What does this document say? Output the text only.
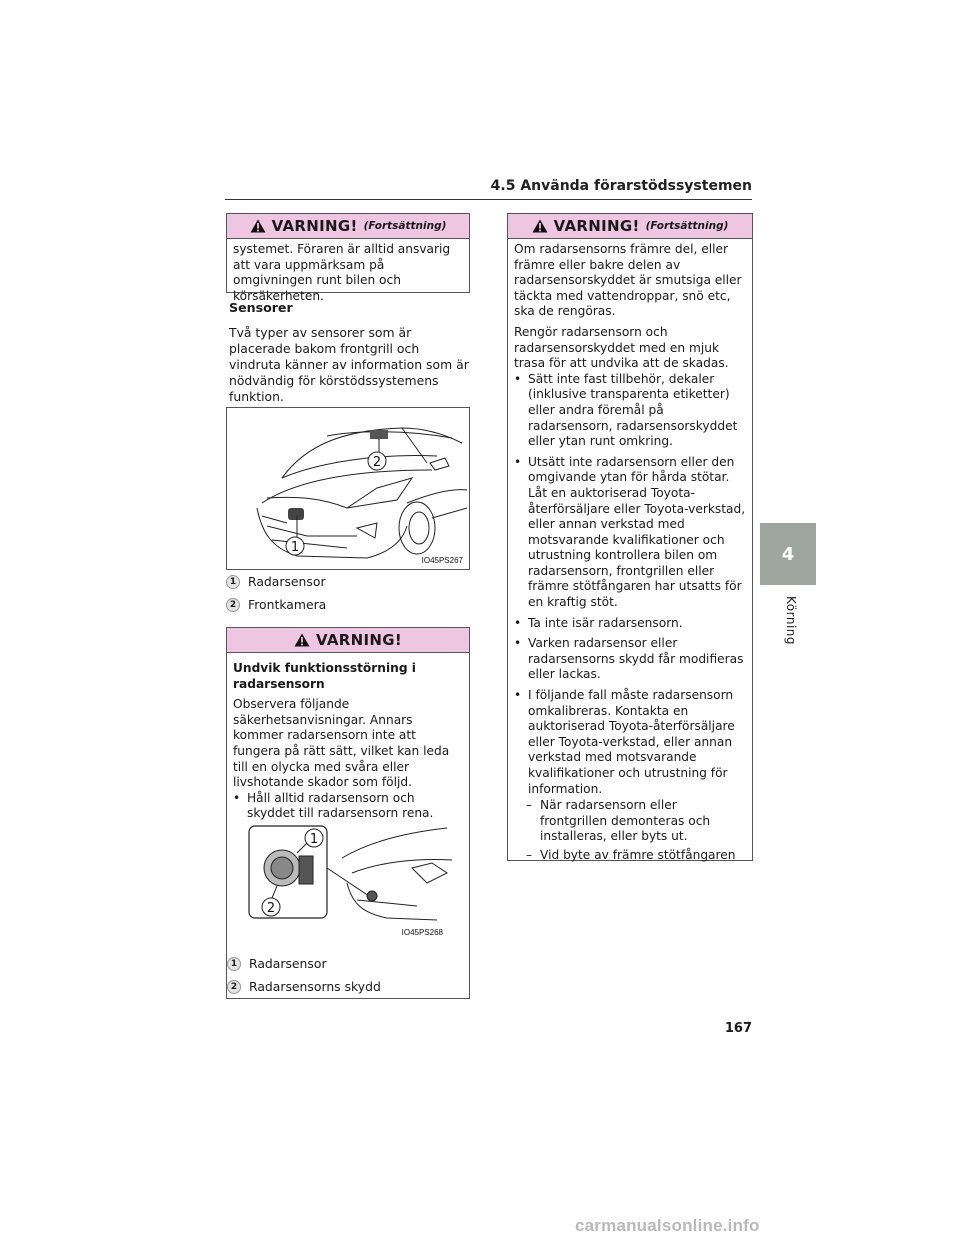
4.5 Använda förarstödssystemen
VARNING! (Fortsättning)

systemet. Föraren är alltid ansvarig att vara uppmärksam på omgivningen runt bilen och körsäkerheten.

Sensorer
Två typer av sensorer som är placerade bakom frontgrill och vindruta känner av information som är nödvändig för körstödssystemens funktion.
1
2
IO45PS267
1 Radarsensor
2 Frontkamera
VARNING!

Undvik funktionsstörning i radarsensorn

Observera följande säkerhetsanvisningar. Annars kommer radarsensorn inte att fungera på rätt sätt, vilket kan leda till en olycka med svåra eller livshotande skador som följd.

• Håll alltid radarsensorn och skyddet till radarsensorn rena.
1
2
IO45PS268
1 Radarsensor
2 Radarsensorns skydd
VARNING! (Fortsättning)

Om radarsensorns främre del, eller främre eller bakre delen av radarsensorskyddet är smutsiga eller täckta med vattendroppar, snö etc, ska de rengöras.

Rengör radarsensorn och radarsensorskyddet med en mjuk trasa för att undvika att de skadas.

• Sätt inte fast tillbehör, dekaler (inklusive transparenta etiketter) eller andra föremål på radarsensorn, radarsensorskyddet eller ytan runt omkring.
• Utsätt inte radarsensorn eller den omgivande ytan för hårda stötar. Låt en auktoriserad Toyota-återförsäljare eller Toyota-verkstad, eller annan verkstad med motsvarande kvalifikationer och utrustning kontrollera bilen om radarsensorn, frontgrillen eller främre stötfångaren har utsatts för en kraftig stöt.
• Ta inte isär radarsensorn.
• Varken radarsensor eller radarsensorns skydd får modifieras eller lackas.
• I följande fall måste radarsensorn omkalibreras. Kontakta en auktoriserad Toyota-återförsäljare eller Toyota-verkstad, eller annan verkstad med motsvarande kvalifikationer och utrustning för information.
– När radarsensorn eller frontgrillen demonteras och installeras, eller byts ut.
– Vid byte av främre stötfångaren
4
Körning
167
carmanualsonline.info
